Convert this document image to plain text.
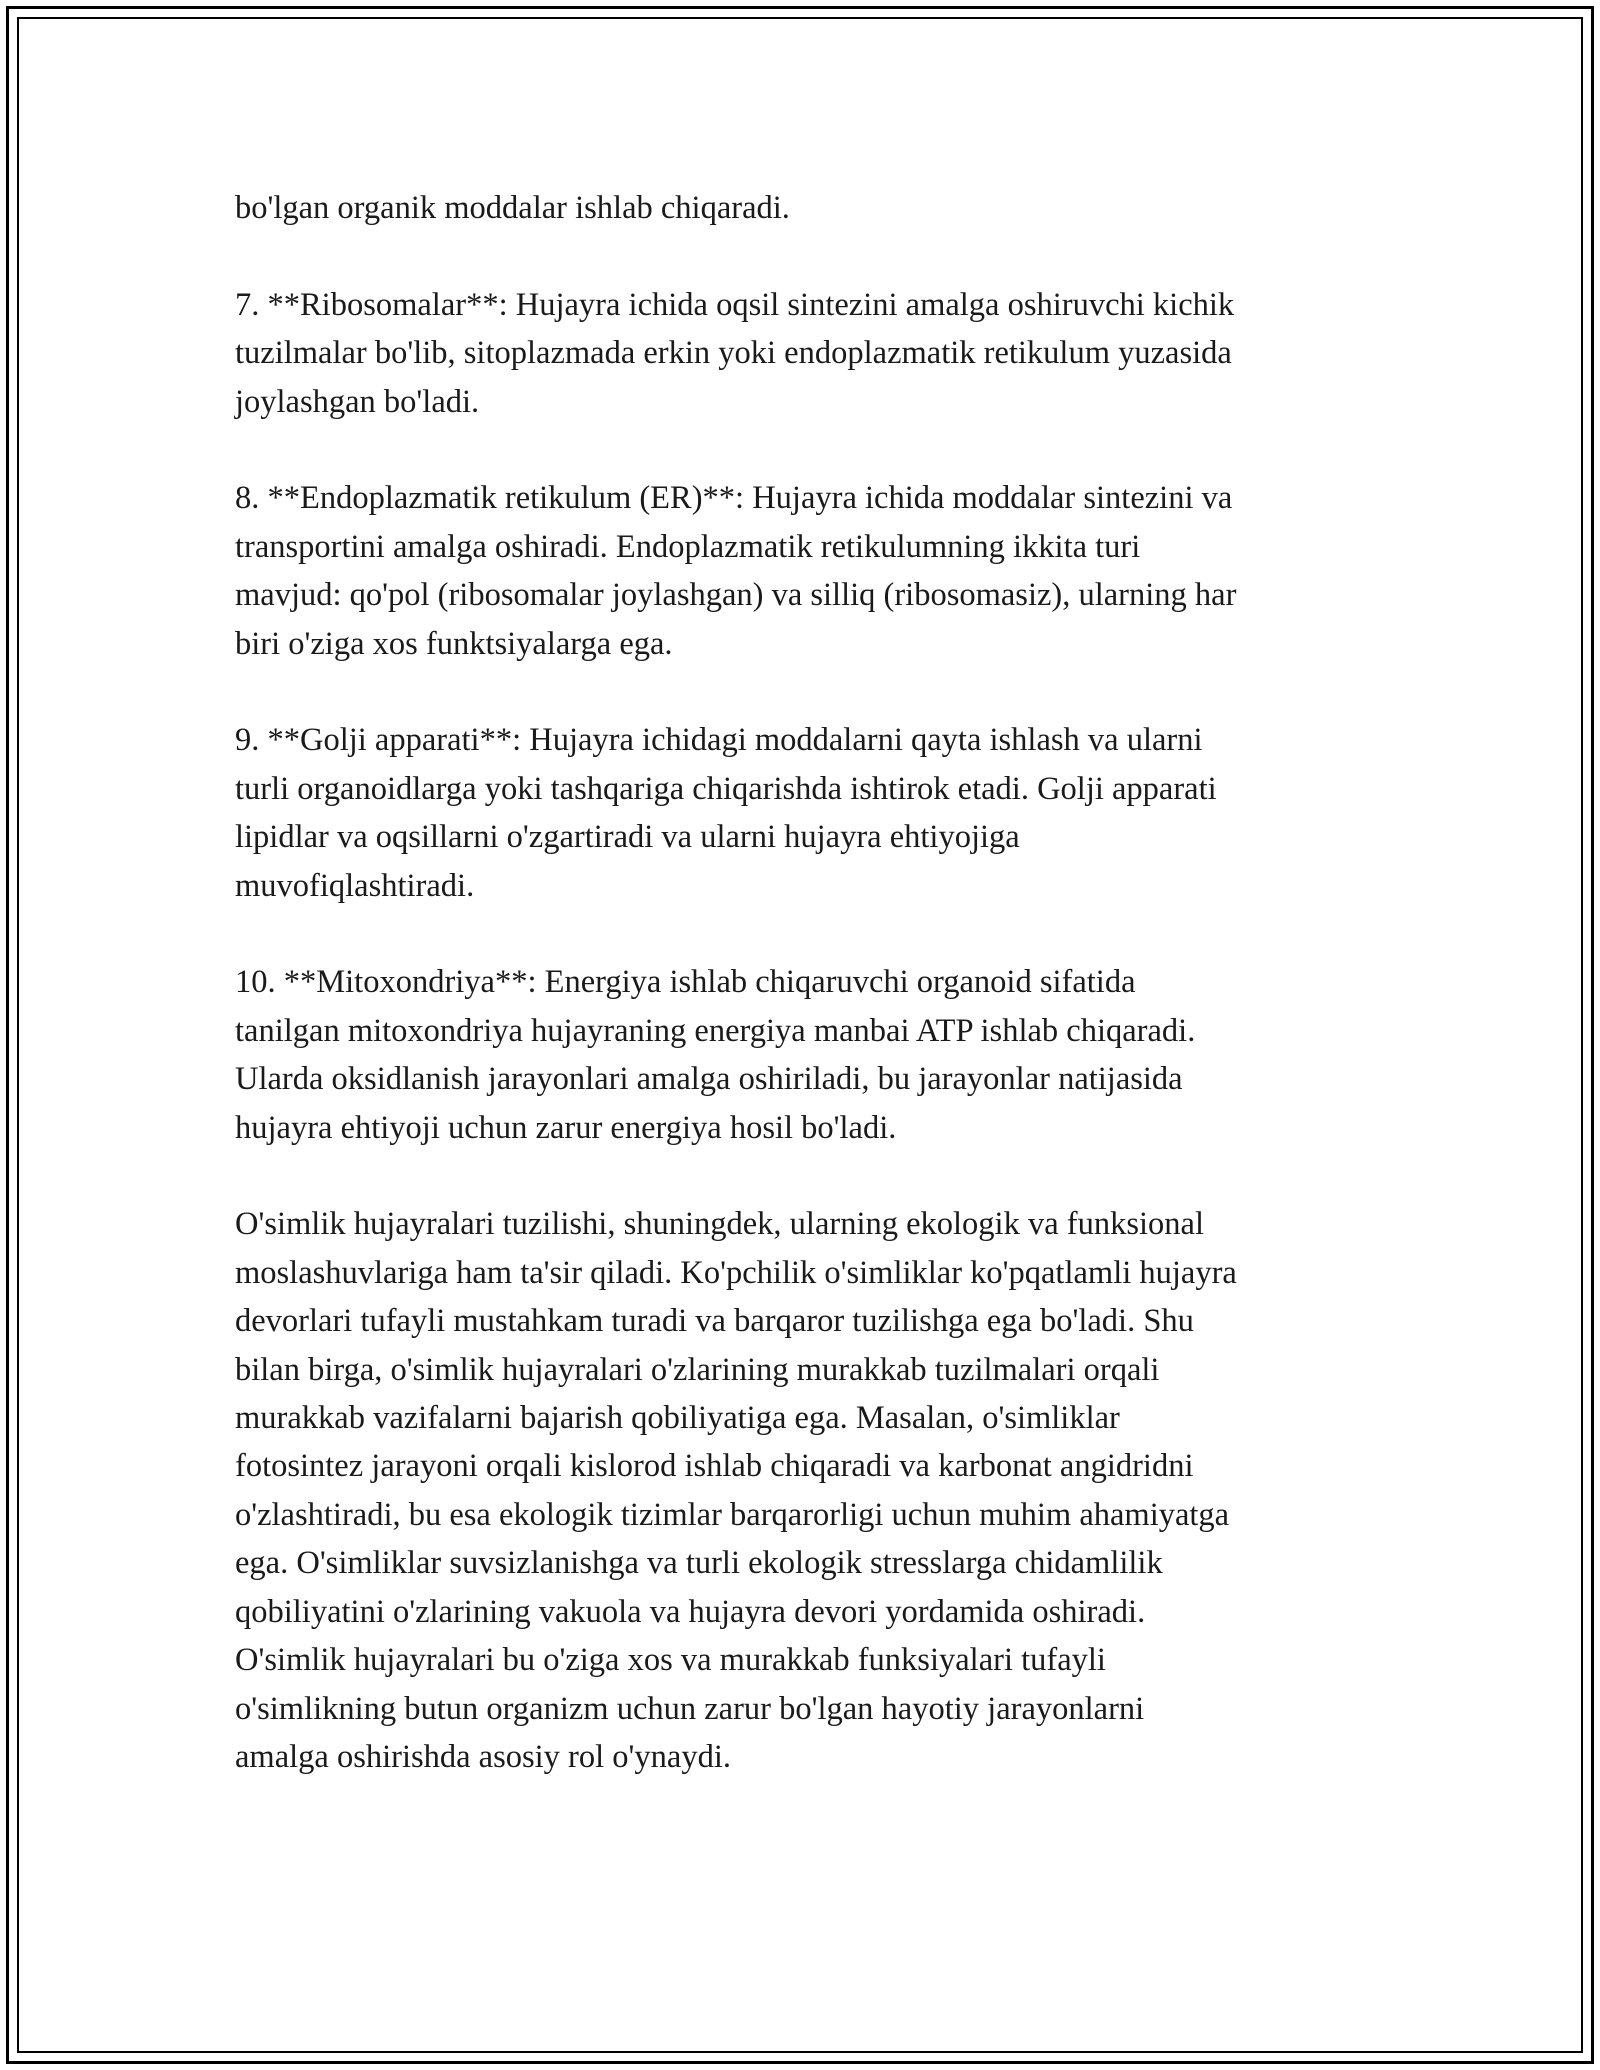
bo'lgan organik moddalar ishlab chiqaradi.

7. **Ribosomalar**: Hujayra ichida oqsil sintezini amalga oshiruvchi kichik
tuzilmalar bo'lib, sitoplazmada erkin yoki endoplazmatik retikulum yuzasida
joylashgan bo'ladi.

8. **Endoplazmatik retikulum (ER)**: Hujayra ichida moddalar sintezini va
transportini amalga oshiradi. Endoplazmatik retikulumning ikkita turi
mavjud: qo'pol (ribosomalar joylashgan) va silliq (ribosomasiz), ularning har
biri o'ziga xos funktsiyalarga ega.

9. **Golji apparati**: Hujayra ichidagi moddalarni qayta ishlash va ularni
turli organoidlarga yoki tashqariga chiqarishda ishtirok etadi. Golji apparati
lipidlar va oqsillarni o'zgartiradi va ularni hujayra ehtiyojiga
muvofiqlashtiradi.

10. **Mitoxondriya**: Energiya ishlab chiqaruvchi organoid sifatida
tanilgan mitoxondriya hujayraning energiya manbai ATP ishlab chiqaradi.
Ularda oksidlanish jarayonlari amalga oshiriladi, bu jarayonlar natijasida
hujayra ehtiyoji uchun zarur energiya hosil bo'ladi.

O'simlik hujayralari tuzilishi, shuningdek, ularning ekologik va funksional
moslashuvlariga ham ta'sir qiladi. Ko'pchilik o'simliklar ko'pqatlamli hujayra
devorlari tufayli mustahkam turadi va barqaror tuzilishga ega bo'ladi. Shu
bilan birga, o'simlik hujayralari o'zlarining murakkab tuzilmalari orqali
murakkab vazifalarni bajarish qobiliyatiga ega. Masalan, o'simliklar
fotosintez jarayoni orqali kislorod ishlab chiqaradi va karbonat angidridni
o'zlashtiradi, bu esa ekologik tizimlar barqarorligi uchun muhim ahamiyatga
ega. O'simliklar suvsizlanishga va turli ekologik stresslarga chidamlilik
qobiliyatini o'zlarining vakuola va hujayra devori yordamida oshiradi.
O'simlik hujayralari bu o'ziga xos va murakkab funksiyalari tufayli
o'simlikning butun organizm uchun zarur bo'lgan hayotiy jarayonlarni
amalga oshirishda asosiy rol o'ynaydi.
